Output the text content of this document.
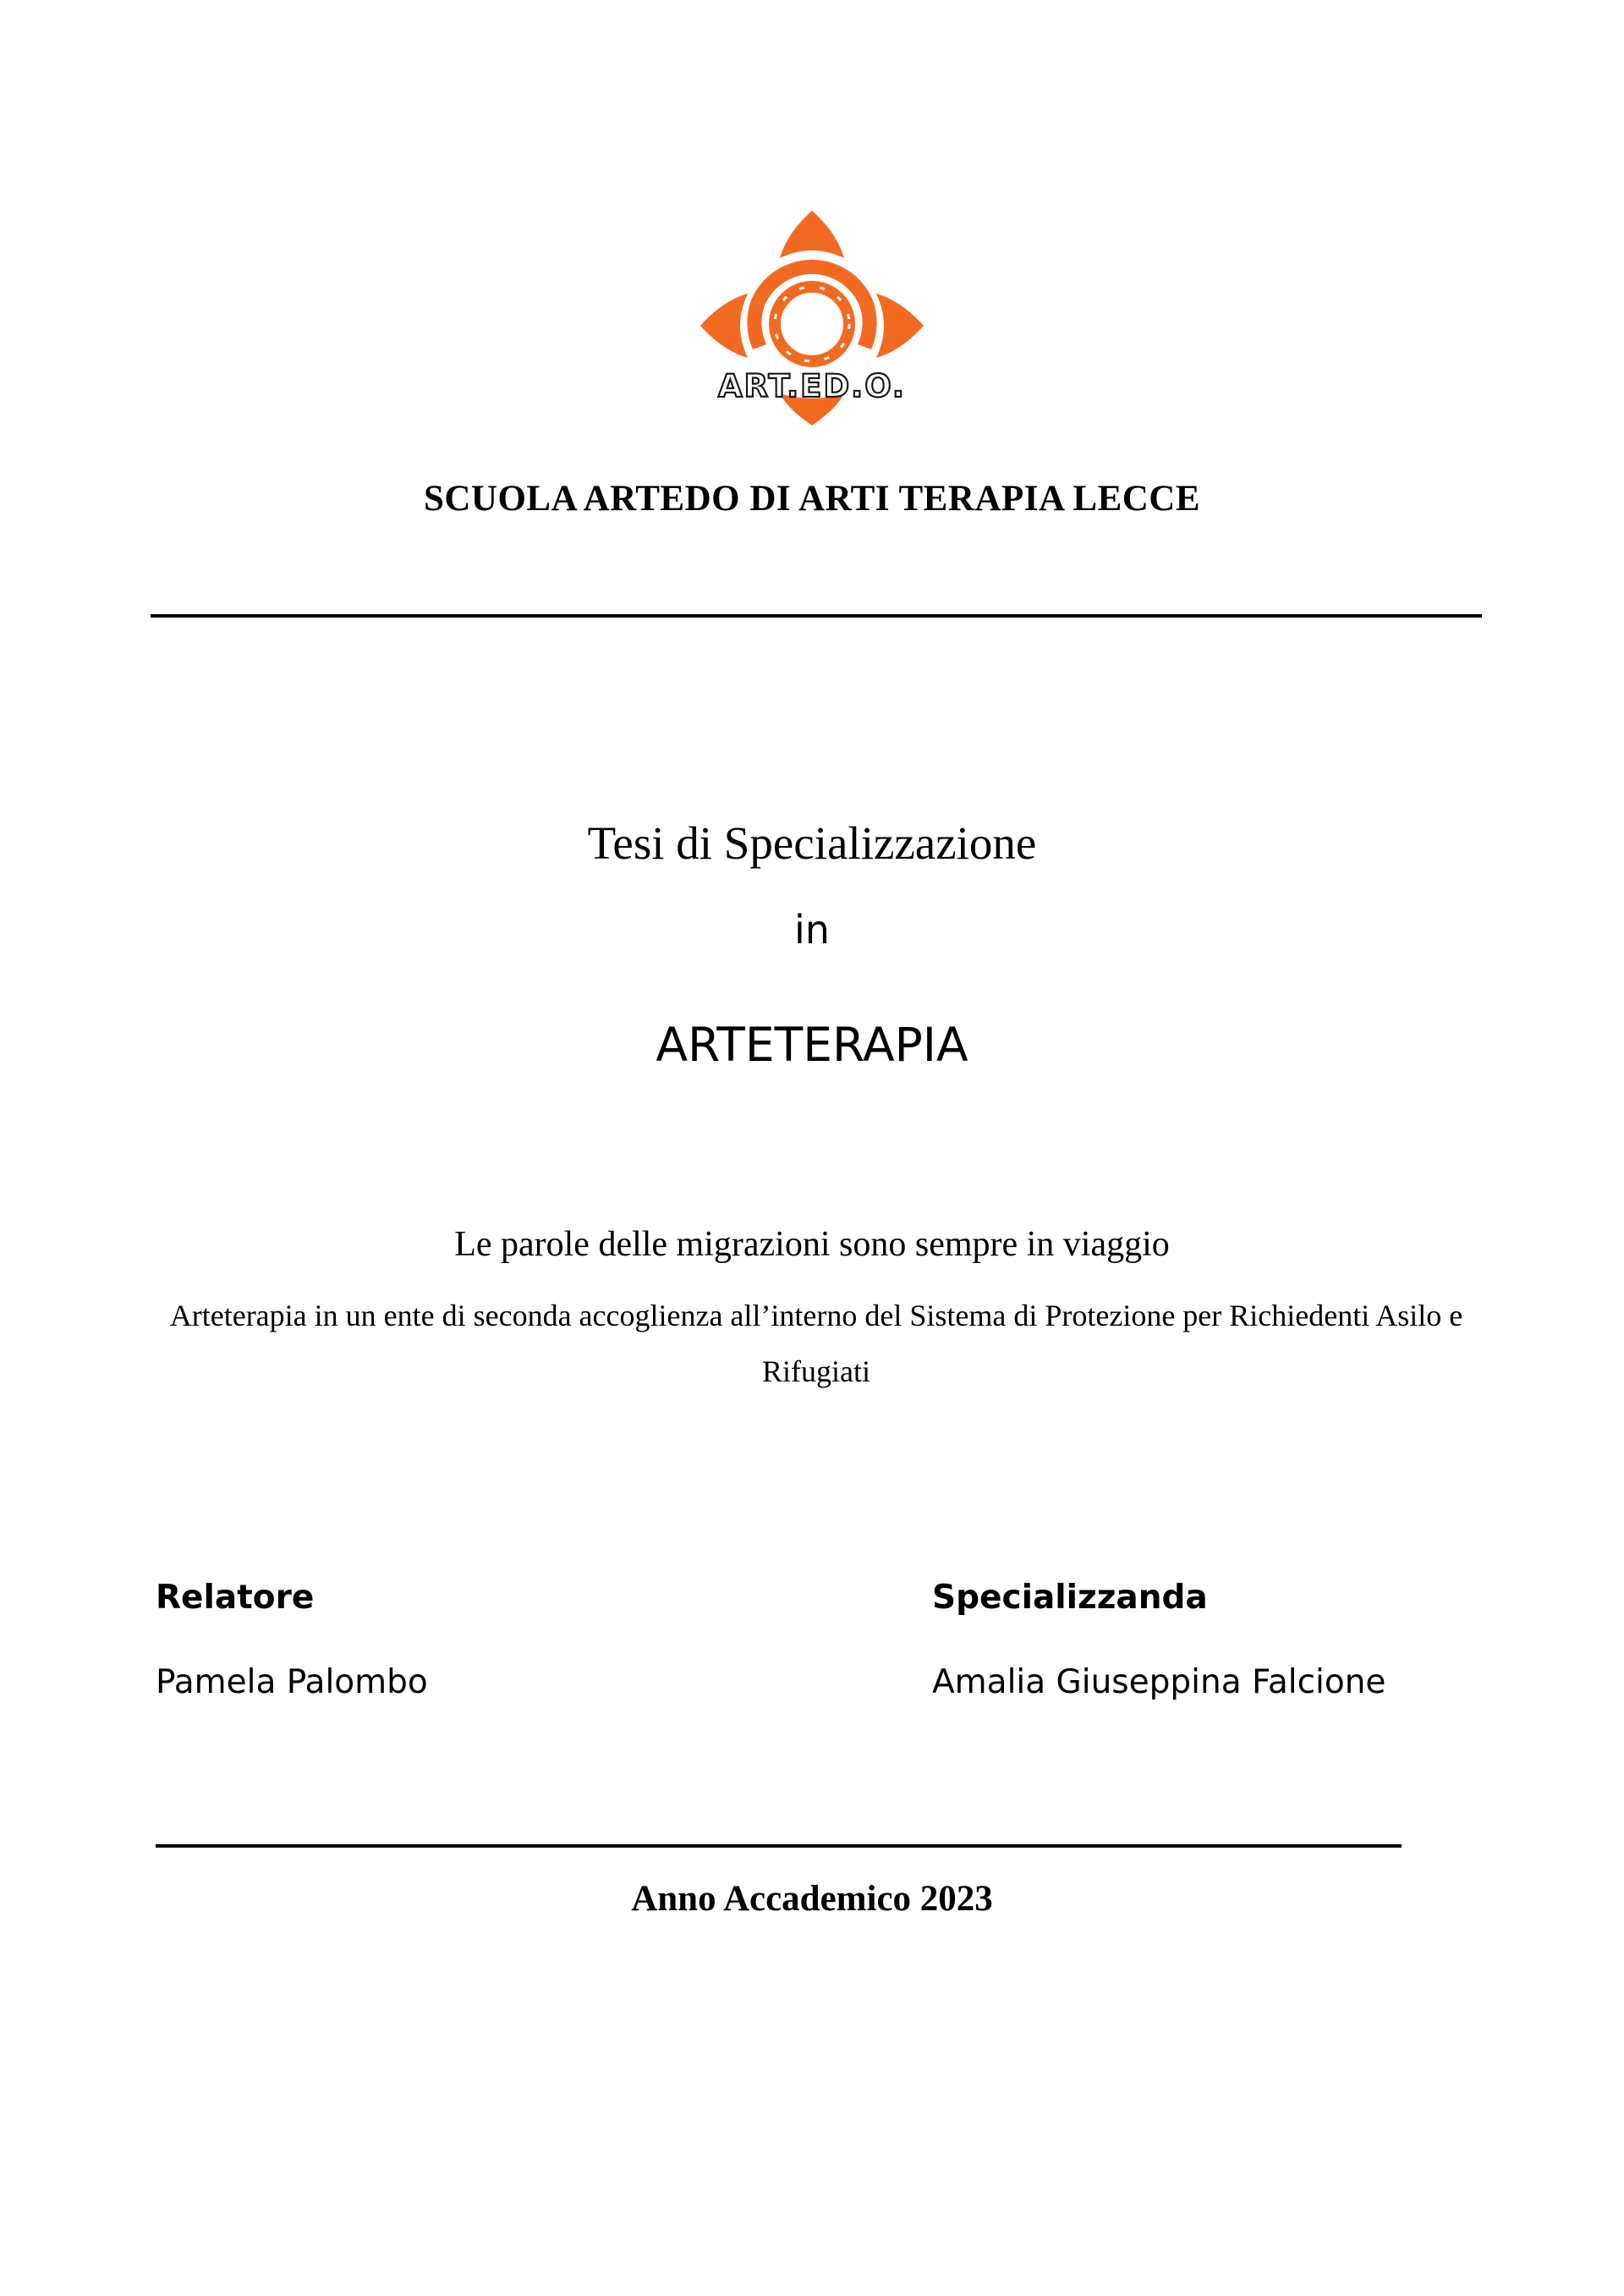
ART.ED.O.
SCUOLA ARTEDO DI ARTI TERAPIA LECCE
Tesi di Specializzazione
in
ARTETERAPIA
Le parole delle migrazioni sono sempre in viaggio
Arteterapia in un ente di seconda accoglienza all’interno del Sistema di Protezione per Richiedenti Asilo e Rifugiati
Relatore
Pamela Palombo
Specializzanda
Amalia Giuseppina Falcione
Anno Accademico 2023
